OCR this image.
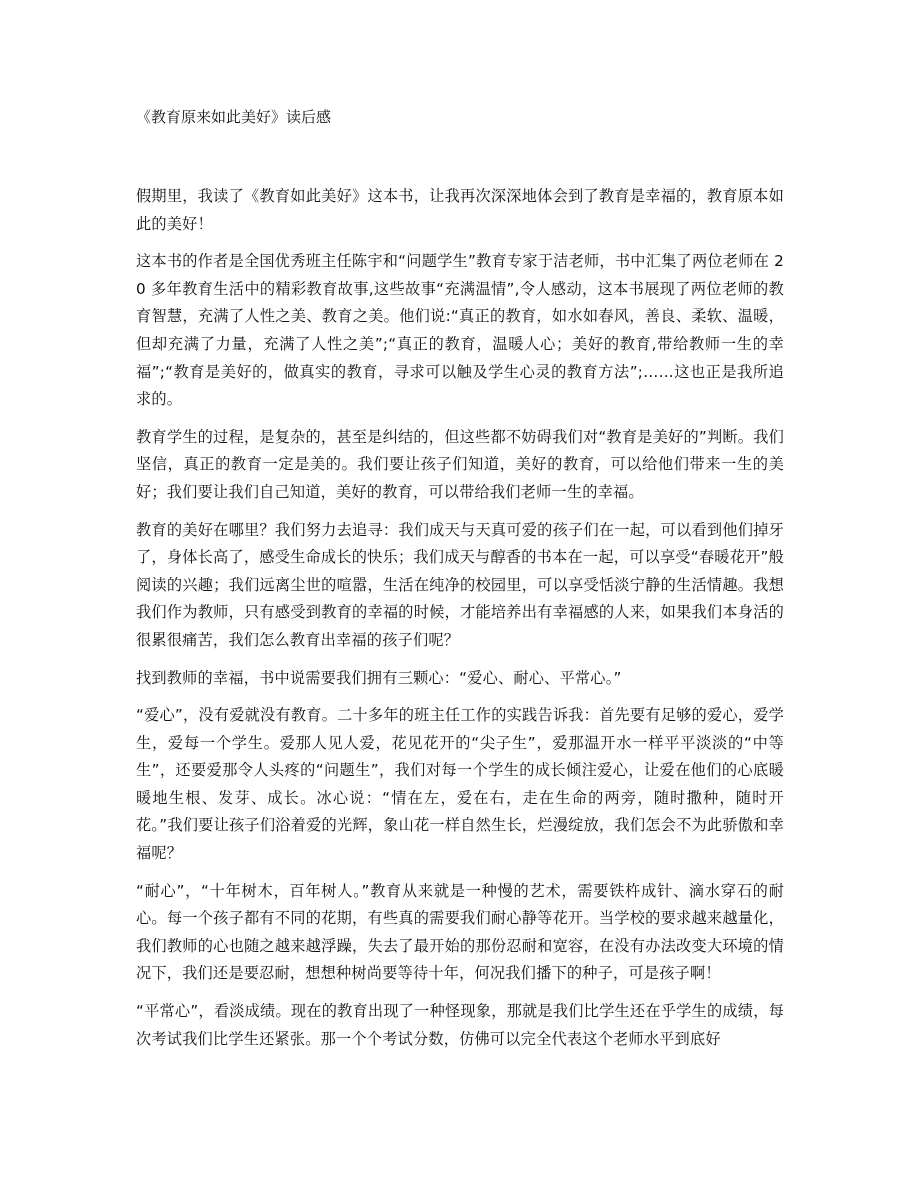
《教育原来如此美好》读后感

假期里，我读了《教育如此美好》这本书，让我再次深深地体会到了教育是幸福的，教育原本如此的美好！

这本书的作者是全国优秀班主任陈宇和“问题学生”教育专家于洁老师，书中汇集了两位老师在 20 多年教育生活中的精彩教育故事,这些故事“充满温情”,令人感动，这本书展现了两位老师的教育智慧，充满了人性之美、教育之美。他们说:“真正的教育，如水如春风，善良、柔软、温暖，但却充满了力量，充满了人性之美”;“真正的教育，温暖人心；美好的教育,带给教师一生的幸福”;“教育是美好的，做真实的教育，寻求可以触及学生心灵的教育方法”;……这也正是我所追求的。

教育学生的过程，是复杂的，甚至是纠结的，但这些都不妨碍我们对“教育是美好的”判断。我们坚信，真正的教育一定是美的。我们要让孩子们知道，美好的教育，可以给他们带来一生的美好；我们要让我们自己知道，美好的教育，可以带给我们老师一生的幸福。

教育的美好在哪里？我们努力去追寻：我们成天与天真可爱的孩子们在一起，可以看到他们掉牙了，身体长高了，感受生命成长的快乐；我们成天与醇香的书本在一起，可以享受“春暖花开”般阅读的兴趣；我们远离尘世的喧嚣，生活在纯净的校园里，可以享受恬淡宁静的生活情趣。我想我们作为教师，只有感受到教育的幸福的时候，才能培养出有幸福感的人来，如果我们本身活的很累很痛苦，我们怎么教育出幸福的孩子们呢？

找到教师的幸福，书中说需要我们拥有三颗心：“爱心、耐心、平常心。”

“爱心”，没有爱就没有教育。二十多年的班主任工作的实践告诉我：首先要有足够的爱心，爱学生，爱每一个学生。爱那人见人爱，花见花开的“尖子生”，爱那温开水一样平平淡淡的“中等生”，还要爱那令人头疼的“问题生”，我们对每一个学生的成长倾注爱心，让爱在他们的心底暖暖地生根、发芽、成长。冰心说：“情在左，爱在右，走在生命的两旁，随时撒种，随时开花。”我们要让孩子们浴着爱的光辉，象山花一样自然生长，烂漫绽放，我们怎会不为此骄傲和幸福呢？

“耐心”，“十年树木，百年树人。”教育从来就是一种慢的艺术，需要铁杵成针、滴水穿石的耐心。每一个孩子都有不同的花期，有些真的需要我们耐心静等花开。当学校的要求越来越量化，我们教师的心也随之越来越浮躁，失去了最开始的那份忍耐和宽容，在没有办法改变大环境的情况下，我们还是要忍耐，想想种树尚要等待十年，何况我们播下的种子，可是孩子啊！

“平常心”，看淡成绩。现在的教育出现了一种怪现象，那就是我们比学生还在乎学生的成绩，每次考试我们比学生还紧张。那一个个考试分数，仿佛可以完全代表这个老师水平到底好
